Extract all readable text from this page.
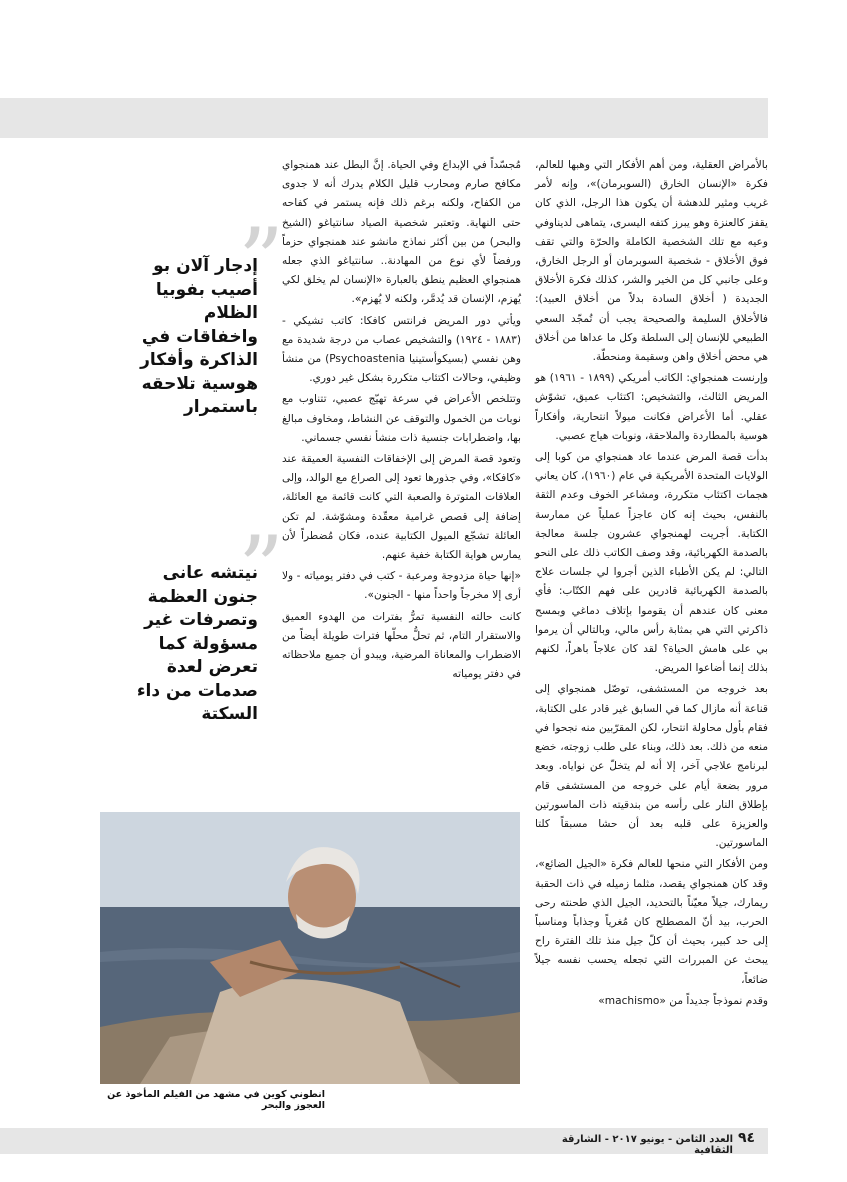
بالأمراض العقلية، ومن أهم الأفكار التي وهبها للعالم، فكرة «الإنسان الخارق (السوبرمان)»، وإنه لأمر غريب ومثير للدهشة أن يكون هذا الرجل، الذي كان يقفز كالعنزة وهو يبرز كتفه اليسرى، يتماهى لديناوفي وعيه مع تلك الشخصية الكاملة والحرّة والتي تقف فوق الأخلاق - شخصية السوبرمان أو الرجل الخارق، وعلى جانبي كل من الخير والشر، كذلك فكرة الأخلاق الجديدة ( أخلاق السادة بدلاً من أخلاق العبيد): فالأخلاق السليمة والصحيحة يجب أن تُمجّد السعي الطبيعي للإنسان إلى السلطة وكل ما عداها من أخلاق هي محض أخلاق واهن وسقيمة ومنحطّة.

وإرنست همنجواي: الكاتب أمريكي (١٨٩٩ - ١٩٦١) هو المريض الثالث، والتشخيص: اكتئاب عميق، تشوّش عقلي. أما الأعراض فكانت ميولاً انتحارية، وأفكاراً هوسية بالمطاردة والملاحقة، ونوبات هياج عصبي.

بدأت قصة المرض عندما عاد همنجواي من كوبا إلى الولايات المتحدة الأمريكية في عام (١٩٦٠)، كان يعاني هجمات اكتئاب متكررة، ومشاعر الخوف وعدم الثقة بالنفس، بحيث إنه كان عاجزاً عملياً عن ممارسة الكتابة. أجريت لهمنجواي عشرون جلسة معالجة بالصدمة الكهربائية، وقد وصف الكاتب ذلك على النحو التالي: لم يكن الأطباء الذين أجروا لي جلسات علاج بالصدمة الكهربائية قادرين على فهم الكتّاب: فأي معنى كان عندهم أن يقوموا بإتلاف دماغي وبمسح ذاكرتي التي هي بمثابة رأس مالي، وبالتالي أن يرموا بي على هامش الحياة؟ لقد كان علاجاً باهراً، لكنهم بذلك إنما أضاعوا المريض.

بعد خروجه من المستشفى، توصّل همنجواي إلى قناعة أنه مازال كما في السابق غير قادر على الكتابة، فقام بأول محاولة انتحار، لكن المقرّبين منه نجحوا في منعه من ذلك. بعد ذلك، وبناء على طلب زوجته، خضع لبرنامج علاجي آخر، إلا أنه لم يتخلّ عن نواياه. وبعد مرور بضعة أيام على خروجه من المستشفى قام بإطلاق النار على رأسه من بندقيته ذات الماسورتين والعزيزة على قلبه بعد أن حشا مسبقاً كلتا الماسورتين.

ومن الأفكار التي منحها للعالم فكرة «الجيل الضائع»، وقد كان همنجواي يقصد، مثلما زميله في ذات الحقبة ريمارك، جيلاً معيّناً بالتحديد، الجيل الذي طحنته رحى الحرب، بيد أنّ المصطلح كان مُغرياً وجذاباً ومناسباً إلى حد كبير، بحيث أن كلّ جيل منذ تلك الفترة راح يبحث عن المبررات التي تجعله يحسب نفسه جيلاً ضائعاً،

وقدم نموذجاً جديداً من «machismo»

مُجسّداً في الإبداع وفي الحياة. إنَّ البطل عند همنجواي مكافح صارم ومحارب قليل الكلام يدرك أنه لا جدوى من الكفاح، ولكنه برغم ذلك فإنه يستمر في كفاحه حتى النهاية. وتعتبر شخصية الصياد سانتياغو (الشيخ والبحر) من بين أكثر نماذج مانشو عند همنجواي حزماً ورفضاً لأي نوع من المهادنة.. سانتياغو الذي جعله همنجواي العظيم ينطق بالعبارة «الإنسان لم يخلق لكي يُهزم، الإنسان قد يُدمَّر، ولكنه لا يُهزم».

ويأتي دور المريض فرانتس كافكا: كاتب تشيكي - (١٨٨٣ - ١٩٢٤) والتشخيص عصاب من درجة شديدة مع وهن نفسي (بسيكوأستينيا Psychoastenia) من منشأ وظيفي، وحالات اكتئاب متكررة بشكل غير دوري.

وتتلخص الأعراض في سرعة تهيّج عصبي، تتناوب مع نوبات من الخمول والتوقف عن النشاط، ومخاوف مبالغ بها، واضطرابات جنسية ذات منشأ نفسي جسماني.

وتعود قصة المرض إلى الإخفاقات النفسية العميقة عند «كافكا»، وفي جذورها تعود إلى الصراع مع الوالد، وإلى العلاقات المتوترة والصعبة التي كانت قائمة مع العائلة، إضافة إلى قصص غرامية معقّدة ومشوّشة. لم تكن العائلة تشجّع الميول الكتابية عنده، فكان مُضطراً لأن يمارس هواية الكتابة خفية عنهم.

«إنها حياة مزدوجة ومرعبة - كتب في دفتر يومياته - ولا أرى إلا مخرجاً واحداً منها - الجنون».

كانت حالته النفسية تمرُّ بفترات من الهدوء العميق والاستقرار التام، ثم تحلُّ محلّها فترات طويلة أيضاً من الاضطراب والمعاناة المرضية، ويبدو أن جميع ملاحظاته في دفتر يومياته

”
إدجار آلان بو أصيب بفوبيا الظلام واخفاقات في الذاكرة وأفكار هوسية تلاحقه باستمرار
”
نيتشه عانى جنون العظمة وتصرفات غير مسؤولة كما تعرض لعدة صدمات من داء السكتة
انطوني كوين في مشهد من الفيلم المأخوذ عن العجوز والبحر
٩٤
العدد الثامن - يونيو ٢٠١٧ - الشارقة الثقافية
